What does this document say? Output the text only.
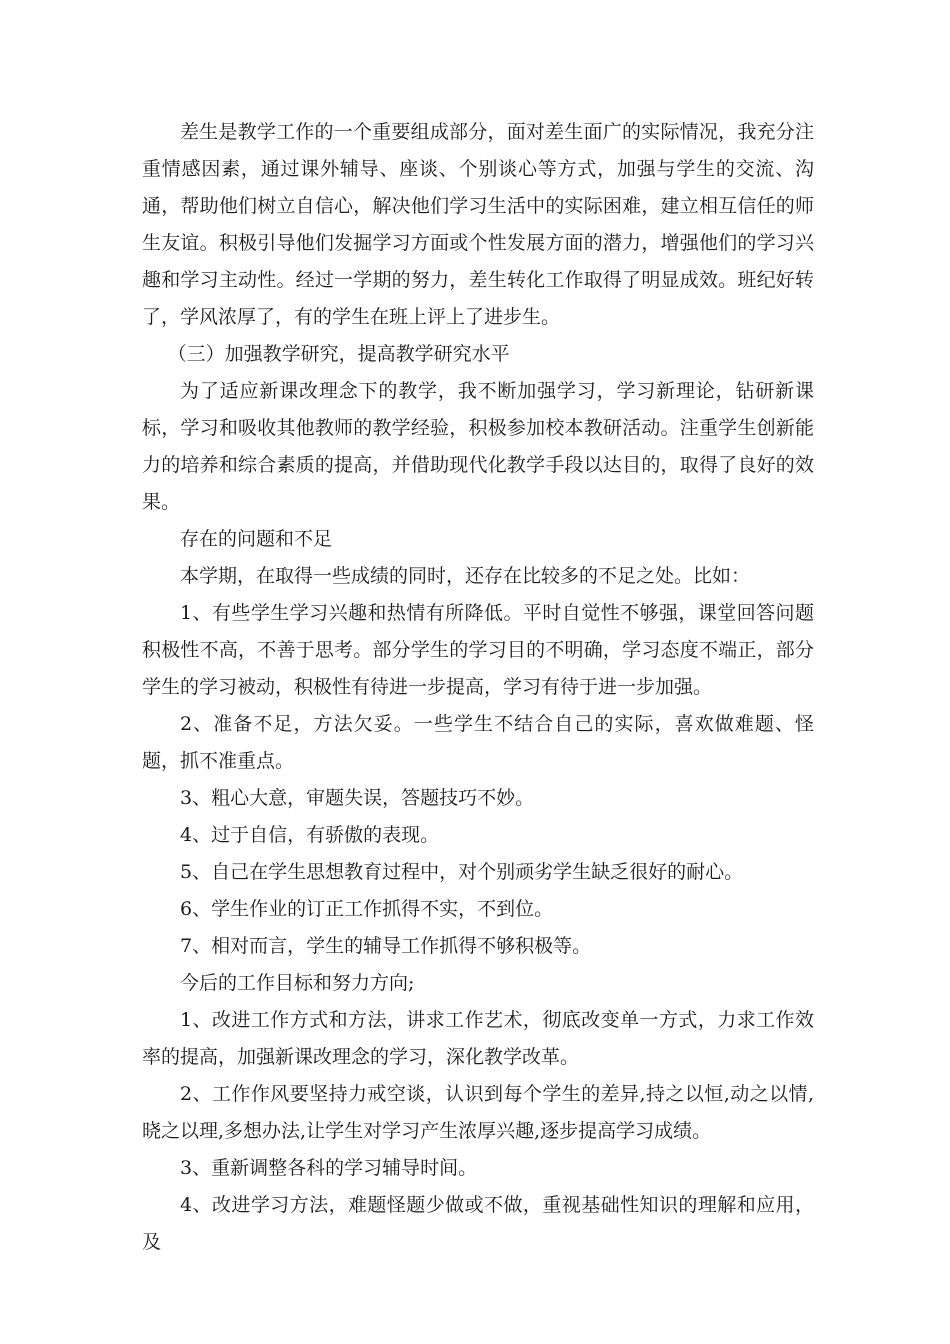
差生是教学工作的一个重要组成部分，面对差生面广的实际情况，我充分注重情感因素，通过课外辅导、座谈、个别谈心等方式，加强与学生的交流、沟通，帮助他们树立自信心，解决他们学习生活中的实际困难，建立相互信任的师生友谊。积极引导他们发掘学习方面或个性发展方面的潜力，增强他们的学习兴趣和学习主动性。经过一学期的努力，差生转化工作取得了明显成效。班纪好转了，学风浓厚了，有的学生在班上评上了进步生。

（三）加强教学研究，提高教学研究水平

为了适应新课改理念下的教学，我不断加强学习，学习新理论，钻研新课标，学习和吸收其他教师的教学经验，积极参加校本教研活动。注重学生创新能力的培养和综合素质的提高，并借助现代化教学手段以达目的，取得了良好的效果。

存在的问题和不足

本学期，在取得一些成绩的同时，还存在比较多的不足之处。比如：

1、有些学生学习兴趣和热情有所降低。平时自觉性不够强，课堂回答问题积极性不高，不善于思考。部分学生的学习目的不明确，学习态度不端正，部分学生的学习被动，积极性有待进一步提高，学习有待于进一步加强。

2、准备不足，方法欠妥。一些学生不结合自己的实际，喜欢做难题、怪题，抓不准重点。

3、粗心大意，审题失误，答题技巧不妙。

4、过于自信，有骄傲的表现。

5、自己在学生思想教育过程中，对个别顽劣学生缺乏很好的耐心。

6、学生作业的订正工作抓得不实，不到位。

7、相对而言，学生的辅导工作抓得不够积极等。

今后的工作目标和努力方向;

1、改进工作方式和方法，讲求工作艺术，彻底改变单一方式，力求工作效率的提高，加强新课改理念的学习，深化教学改革。

2、工作作风要坚持力戒空谈，认识到每个学生的差异,持之以恒,动之以情,晓之以理,多想办法,让学生对学习产生浓厚兴趣,逐步提高学习成绩。

3、重新调整各科的学习辅导时间。

4、改进学习方法，难题怪题少做或不做，重视基础性知识的理解和应用，及
